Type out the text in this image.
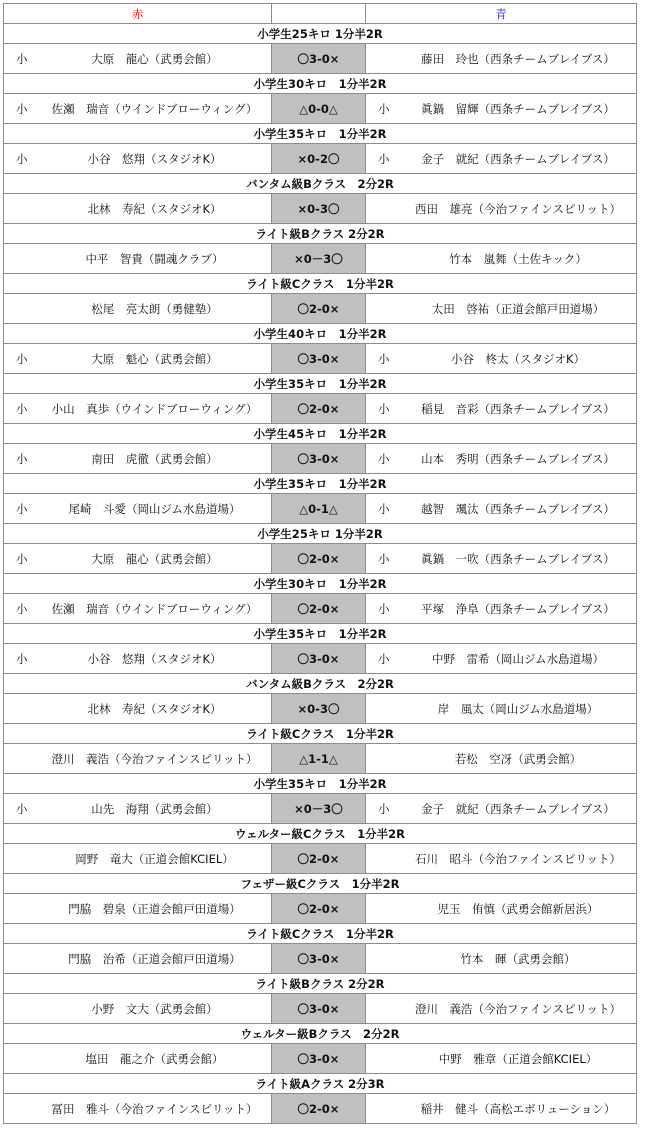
赤		青
小学生25キロ 1分半2R		

小 大原　龍心（武勇会館）	〇3-0×	藤田　玲也（西条チームブレイブス）

小学生30キロ　1分半2R		

小 佐瀬　瑞音（ウインドブローウィング）	△0-0△	小 眞鍋　留輝（西条チームブレイブス）

小学生35キロ　1分半2R		

小 小谷　悠翔（スタジオK）	×0-2〇	小 金子　就紀（西条チームブレイブス）

バンタム級Bクラス　2分2R		

北林　寿紀（スタジオK）	×0-3〇	西田　雄亮（今治ファインスピリット）

ライト級Bクラス 2分2R		

中平　智貴（闘魂クラブ）	×0－3〇	竹本　嵐舞（土佐キック）

ライト級Cクラス　1分半2R		

松尾　亮太朗（勇健塾）	〇2-0×	太田　啓祐（正道会館戸田道場）

小学生40キロ　1分半2R		

小 大原　魁心（武勇会館）	〇3-0×	小 小谷　柊太（スタジオK）

小学生35キロ　1分半2R		

小 小山　真歩（ウインドブローウィング）	〇2-0×	小 稲見　音彩（西条チームブレイブス）

小学生45キロ　1分半2R		

小 南田　虎徹（武勇会館）	〇3-0×	小 山本　秀明（西条チームブレイブス）

小学生35キロ　1分半2R		

小 尾崎　斗愛（岡山ジム水島道場）	△0-1△	小 越智　颯汰（西条チームブレイブス）

小学生25キロ 1分半2R		

小 大原　龍心（武勇会館）	〇2-0×	小 眞鍋　一吹（西条チームブレイブス）

小学生30キロ　1分半2R		

小 佐瀬　瑞音（ウインドブローウィング）	〇2-0×	小 平塚　浄阜（西条チームブレイブス）

小学生35キロ　1分半2R		

小 小谷　悠翔（スタジオK）	〇3-0×	小 中野　雷希（岡山ジム水島道場）

バンタム級Bクラス　2分2R		

北林　寿紀（スタジオK）	×0-3〇	岸　風太（岡山ジム水島道場）

ライト級Cクラス　1分半2R		

澄川　義浩（今治ファインスピリット）	△1-1△	若松　空冴（武勇会館）

小学生35キロ　1分半2R		

小 山先　海翔（武勇会館）	×0－3〇	小 金子　就紀（西条チームブレイブス）

ウェルター級Cクラス　1分半2R		

岡野　竜大（正道会館KCIEL）	〇2-0×	石川　昭斗（今治ファインスピリット）

フェザー級Cクラス　1分半2R		

門脇　碧泉（正道会館戸田道場）	〇2-0×	児玉　侑慎（武勇会館新居浜）

ライト級Cクラス　1分半2R		

門脇　治希（正道会館戸田道場）	〇3-0×	竹本　暉（武勇会館）

ライト級Bクラス 2分2R		

小野　文大（武勇会館）	〇3-0×	澄川　義浩（今治ファインスピリット）

ウェルター級Bクラス　2分2R		

塩田　龍之介（武勇会館）	〇3-0×	中野　雅章（正道会館KCIEL）

ライト級Aクラス 2分3R		

冨田　雅斗（今治ファインスピリット）	〇2-0×	稲井　健斗（高松エボリューション）
